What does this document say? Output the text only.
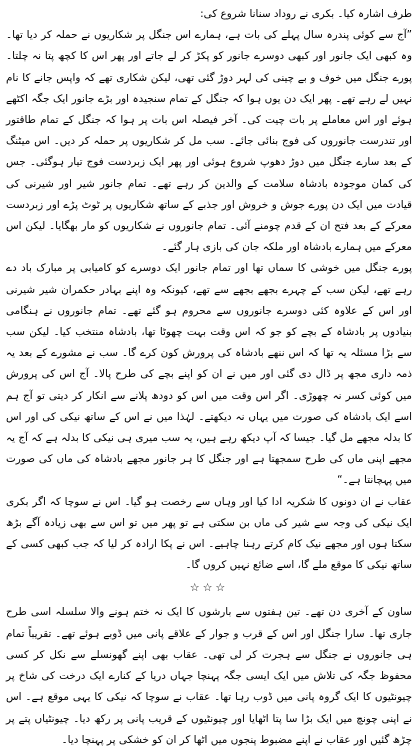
طرف اشارہ کیا۔ بکری نے روداد سنانا شروع کی:

”آج سے کوئی پندرہ سال پہلے کی بات ہے، ہمارے اس جنگل پر شکاریوں نے حملہ کر دیا تھا۔ وہ کبھی ایک جانور اور کبھی دوسرے جانور کو پکڑ کر لے جاتے اور پھر اس کا کچھ پتا نہ چلتا۔ پورے جنگل میں خوف و بے چینی کی لہر دوڑ گئی تھی، لیکن شکاری تھے کہ واپس جانے کا نام نہیں لے رہے تھے۔ پھر ایک دن یوں ہوا کہ جنگل کے تمام سنجیدہ اور بڑے جانور ایک جگہ اکٹھے ہوئے اور اس معاملے پر بات چیت کی۔ آخر فیصلہ اس بات پر ہوا کہ جنگل کے تمام طاقتور اور تندرست جانوروں کی فوج بنائی جائے۔ سب مل کر شکاریوں پر حملہ کر دیں۔ اس میٹنگ کے بعد سارے جنگل میں دوڑ دھوپ شروع ہوئی اور پھر ایک زبردست فوج تیار ہوگئی۔ جس کی کمان موجودہ بادشاہ سلامت کے والدین کر رہے تھے۔ تمام جانور شیر اور شیرنی کی قیادت میں ایک دن پورے جوش و خروش اور جذبے کے ساتھ شکاریوں پر ٹوٹ پڑے اور زبردست معرکے کے بعد فتح ان کے قدم چومنے آئی۔ تمام جانوروں نے شکاریوں کو مار بھگایا۔ لیکن اس معرکے میں ہمارے بادشاہ اور ملکہ جان کی بازی ہار گئے۔

پورے جنگل میں خوشی کا سماں تھا اور تمام جانور ایک دوسرے کو کامیابی پر مبارک باد دے رہے تھے، لیکن سب کے چہرے بجھے بجھے سے تھے، کیونکہ وہ اپنے بہادر حکمران شیر شیرنی اور اس کے علاوہ کئی دوسرے جانوروں سے محروم ہو گئے تھے۔ تمام جانوروں نے ہنگامی بنیادوں پر بادشاہ کے بچے کو جو کہ اس وقت بہت چھوٹا تھا، بادشاہ منتخب کیا۔ لیکن سب سے بڑا مسئلہ یہ تھا کہ اس ننھے بادشاہ کی پرورش کون کرے گا۔ سب نے مشورے کے بعد یہ ذمہ داری مجھ پر ڈال دی گئی اور میں نے ان کو اپنے بچے کی طرح پالا۔ آج اس کی پرورش میں کوئی کسر نہ چھوڑی۔ اگر اس وقت میں اس کو دودھ پلانے سے انکار کر دیتی تو آج ہم اسے ایک بادشاہ کی صورت میں یہاں نہ دیکھتے۔ لہٰذا میں نے اس کے ساتھ نیکی کی اور اس کا بدلہ مجھے مل گیا۔ جیسا کہ آپ دیکھ رہے ہیں، یہ سب میری ہی نیکی کا بدلہ ہے کہ آج یہ مجھے اپنی ماں کی طرح سمجھتا ہے اور جنگل کا ہر جانور مجھے بادشاہ کی ماں کی صورت میں پہچانتا ہے۔“

عقاب نے ان دونوں کا شکریہ ادا کیا اور وہاں سے رخصت ہو گیا۔ اس نے سوچا کہ اگر بکری ایک نیکی کی وجہ سے شیر کی ماں بن سکتی ہے تو پھر میں تو اس سے بھی زیادہ آگے بڑھ سکتا ہوں اور مجھے نیک کام کرتے رہنا چاہیے۔ اس نے پکا ارادہ کر لیا کہ جب کبھی کسی کے ساتھ نیکی کا موقع ملے گا، اسے ضائع نہیں کروں گا۔

☆☆☆

ساون کے آخری دن تھے۔ تین ہفتوں سے بارشوں کا ایک نہ ختم ہونے والا سلسلہ اسی طرح جاری تھا۔ سارا جنگل اور اس کے قرب و جوار کے علاقے پانی میں ڈوبے ہوئے تھے۔ تقریباً تمام ہی جانوروں نے جنگل سے ہجرت کر لی تھی۔ عقاب بھی اپنے گھونسلے سے نکل کر کسی محفوظ جگہ کی تلاش میں ایک ایسی جگہ پہنچا جہاں دریا کے کنارے ایک درخت کی شاخ پر چیونٹیوں کا ایک گروہ پانی میں ڈوب رہا تھا۔ عقاب نے سوچا کہ نیکی کا یہی موقع ہے۔ اس نے اپنی چونچ میں ایک بڑا سا پتا اٹھایا اور چیونٹیوں کے قریب پانی پر رکھ دیا۔ چیونٹیاں پتے پر چڑھ گئیں اور عقاب نے اپنے مضبوط پنجوں میں اٹھا کر ان کو خشکی پر پہنچا دیا۔
